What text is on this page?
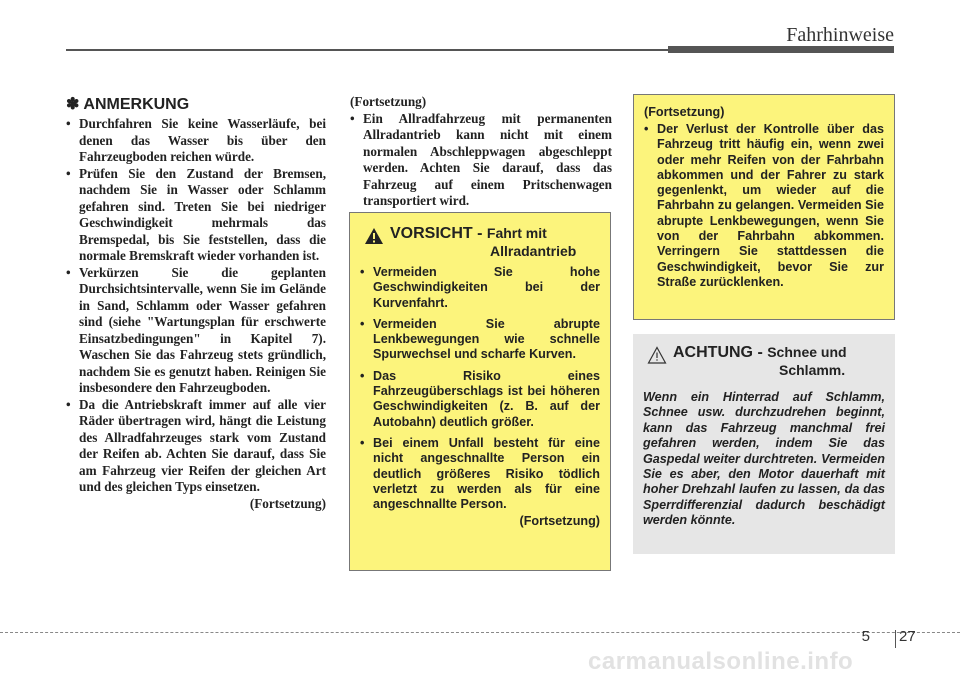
Fahrhinweise
✽ ANMERKUNG
• Durchfahren Sie keine Wasserläufe, bei denen das Wasser bis über den Fahrzeugboden reichen würde.
• Prüfen Sie den Zustand der Bremsen, nachdem Sie in Wasser oder Schlamm gefahren sind. Treten Sie bei niedriger Geschwindigkeit mehrmals das Bremspedal, bis Sie feststellen, dass die normale Bremskraft wieder vorhanden ist.
• Verkürzen Sie die geplanten Durchsichtsintervalle, wenn Sie im Gelände in Sand, Schlamm oder Wasser gefahren sind (siehe "Wartungsplan für erschwerte Einsatzbedingungen" in Kapitel 7). Waschen Sie das Fahrzeug stets gründlich, nachdem Sie es genutzt haben. Reinigen Sie insbesondere den Fahrzeugboden.
• Da die Antriebskraft immer auf alle vier Räder übertragen wird, hängt die Leistung des Allradfahrzeuges stark vom Zustand der Reifen ab. Achten Sie darauf, dass Sie am Fahrzeug vier Reifen der gleichen Art und des gleichen Typs einsetzen.
(Fortsetzung)
(Fortsetzung)
• Ein Allradfahrzeug mit permanenten Allradantrieb kann nicht mit einem normalen Abschleppwagen abgeschleppt werden. Achten Sie darauf, dass das Fahrzeug auf einem Pritschenwagen transportiert wird.
VORSICHT - Fahrt mit
Allradantrieb
• Vermeiden Sie hohe Geschwindigkeiten bei der Kurvenfahrt.
• Vermeiden Sie abrupte Lenkbewegungen wie schnelle Spurwechsel und scharfe Kurven.
• Das Risiko eines Fahrzeugüberschlags ist bei höheren Geschwindigkeiten (z. B. auf der Autobahn) deutlich größer.
• Bei einem Unfall besteht für eine nicht angeschnallte Person ein deutlich größeres Risiko tödlich verletzt zu werden als für eine angeschnallte Person.
(Fortsetzung)
(Fortsetzung)
• Der Verlust der Kontrolle über das Fahrzeug tritt häufig ein, wenn zwei oder mehr Reifen von der Fahrbahn abkommen und der Fahrer zu stark gegenlenkt, um wieder auf die Fahrbahn zu gelangen. Vermeiden Sie abrupte Lenkbewegungen, wenn Sie von der Fahrbahn abkommen. Verringern Sie stattdessen die Geschwindigkeit, bevor Sie zur Straße zurücklenken.
ACHTUNG - Schnee und
Schlamm.
Wenn ein Hinterrad auf Schlamm, Schnee usw. durchzudrehen beginnt, kann das Fahrzeug manchmal frei gefahren werden, indem Sie das Gaspedal weiter durchtreten. Vermeiden Sie es aber, den Motor dauerhaft mit hoher Drehzahl laufen zu lassen, da das Sperrdifferenzial dadurch beschädigt werden könnte.
5 27
carmanualsonline.info
